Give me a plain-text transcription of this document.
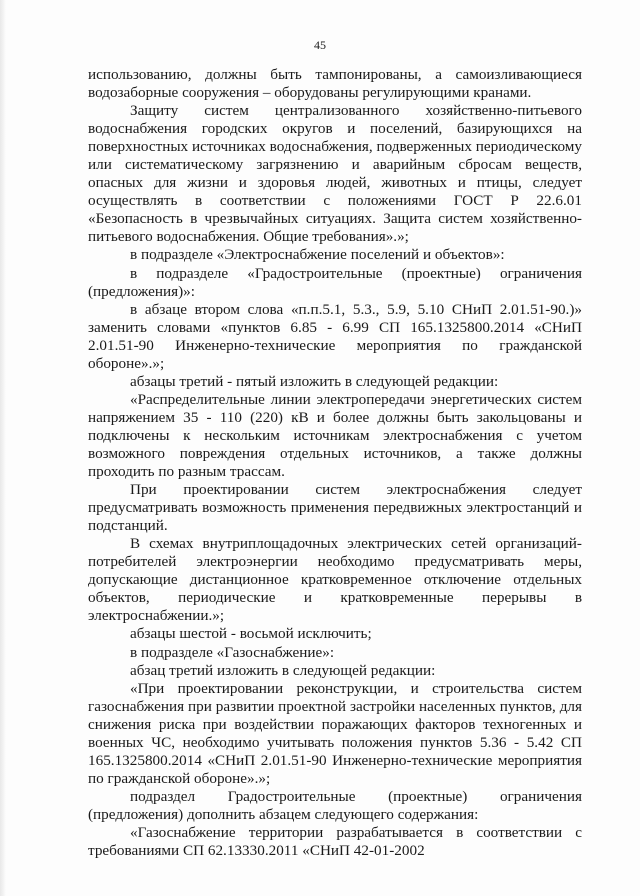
45

использованию, должны быть тампонированы, а самоизливающиеся водозаборные сооружения – оборудованы регулирующими кранами.

Защиту систем централизованного хозяйственно-питьевого водоснабжения городских округов и поселений, базирующихся на поверхностных источниках водоснабжения, подверженных периодическому или систематическому загрязнению и аварийным сбросам веществ, опасных для жизни и здоровья людей, животных и птицы, следует осуществлять в соответствии с положениями ГОСТ Р 22.6.01 «Безопасность в чрезвычайных ситуациях. Защита систем хозяйственно-питьевого водоснабжения. Общие требования».»;

в подразделе «Электроснабжение поселений и объектов»:

в подразделе «Градостроительные (проектные) ограничения (предложения)»:

в абзаце втором слова «п.п.5.1, 5.3., 5.9, 5.10 СНиП 2.01.51-90.)» заменить словами «пунктов 6.85 - 6.99 СП 165.1325800.2014 «СНиП 2.01.51-90 Инженерно-технические мероприятия по гражданской обороне».»;

абзацы третий - пятый изложить в следующей редакции:

«Распределительные линии электропередачи энергетических систем напряжением 35 - 110 (220) кВ и более должны быть закольцованы и подключены к нескольким источникам электроснабжения с учетом возможного повреждения отдельных источников, а также должны проходить по разным трассам.

При проектировании систем электроснабжения следует предусматривать возможность применения передвижных электростанций и подстанций.

В схемах внутриплощадочных электрических сетей организаций-потребителей электроэнергии необходимо предусматривать меры, допускающие дистанционное кратковременное отключение отдельных объектов, периодические и кратковременные перерывы в электроснабжении.»;

абзацы шестой - восьмой исключить;

в подразделе «Газоснабжение»:

абзац третий изложить в следующей редакции:

«При проектировании реконструкции, и строительства систем газоснабжения при развитии проектной застройки населенных пунктов, для снижения риска при воздействии поражающих факторов техногенных и военных ЧС, необходимо учитывать положения пунктов 5.36 - 5.42 СП 165.1325800.2014 «СНиП 2.01.51-90 Инженерно-технические мероприятия по гражданской обороне».»;

подраздел Градостроительные (проектные) ограничения (предложения) дополнить абзацем следующего содержания:

«Газоснабжение территории разрабатывается в соответствии с требованиями СП 62.13330.2011 «СНиП 42-01-2002
